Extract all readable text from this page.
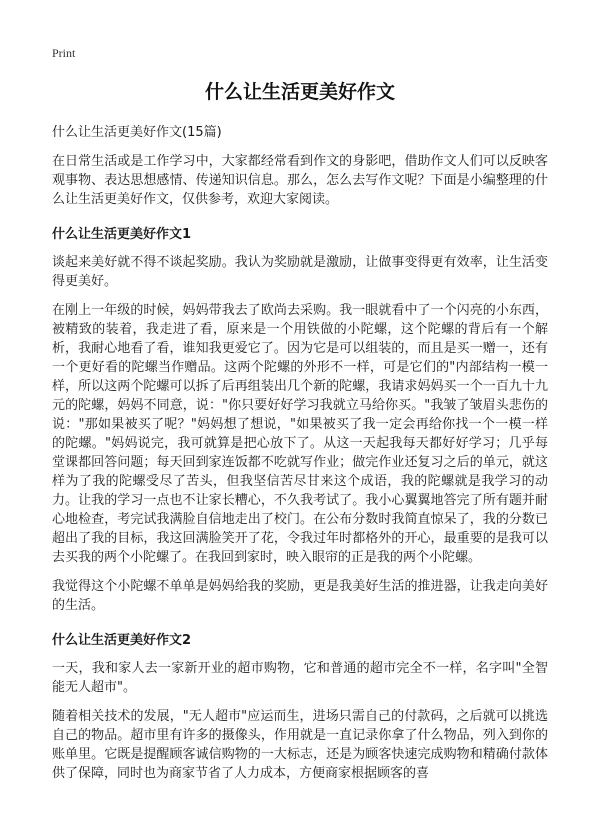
Print
什么让生活更美好作文

什么让生活更美好作文(15篇)

在日常生活或是工作学习中，大家都经常看到作文的身影吧，借助作文人们可以反映客观事物、表达思想感情、传递知识信息。那么，怎么去写作文呢？下面是小编整理的什么让生活更美好作文，仅供参考，欢迎大家阅读。

什么让生活更美好作文1

谈起来美好就不得不谈起奖励。我认为奖励就是激励，让做事变得更有效率，让生活变得更美好。

在刚上一年级的时候，妈妈带我去了欧尚去采购。我一眼就看中了一个闪亮的小东西，被精致的装着，我走进了看，原来是一个用铁做的小陀螺，这个陀螺的背后有一个解析，我耐心地看了看，谁知我更爱它了。因为它是可以组装的，而且是买一赠一，还有一个更好看的陀螺当作赠品。这两个陀螺的外形不一样，可是它们的"内部结构一模一样，所以这两个陀螺可以拆了后再组装出几个新的陀螺，我请求妈妈买一个一百九十九元的陀螺，妈妈不同意，说："你只要好好学习我就立马给你买。"我皱了皱眉头悲伤的说："那如果被买了呢？"妈妈想了想说，"如果被买了我一定会再给你找一个一模一样的陀螺。"妈妈说完，我可就算是把心放下了。从这一天起我每天都好好学习；几乎每堂课都回答问题；每天回到家连饭都不吃就写作业；做完作业还复习之后的单元，就这样为了我的陀螺受尽了苦头，但我坚信苦尽甘来这个成语，我的陀螺就是我学习的动力。让我的学习一点也不让家长糟心，不久我考试了。我小心翼翼地答完了所有题并耐心地检查，考完试我满脸自信地走出了校门。在公布分数时我简直惊呆了，我的分数已超出了我的目标，我这回满脸笑开了花，令我过年时都格外的开心，最重要的是我可以去买我的两个小陀螺了。在我回到家时，映入眼帘的正是我的两个小陀螺。

我觉得这个小陀螺不单单是妈妈给我的奖励，更是我美好生活的推进器，让我走向美好的生活。

什么让生活更美好作文2

一天，我和家人去一家新开业的超市购物，它和普通的超市完全不一样，名字叫"全智能无人超市"。

随着相关技术的发展，"无人超市"应运而生，进场只需自己的付款码，之后就可以挑选自己的物品。超市里有许多的摄像头，作用就是一直记录你拿了什么物品，列入到你的账单里。它既是提醒顾客诚信购物的一大标志，还是为顾客快速完成购物和精确付款体供了保障，同时也为商家节省了人力成本，方便商家根据顾客的喜
